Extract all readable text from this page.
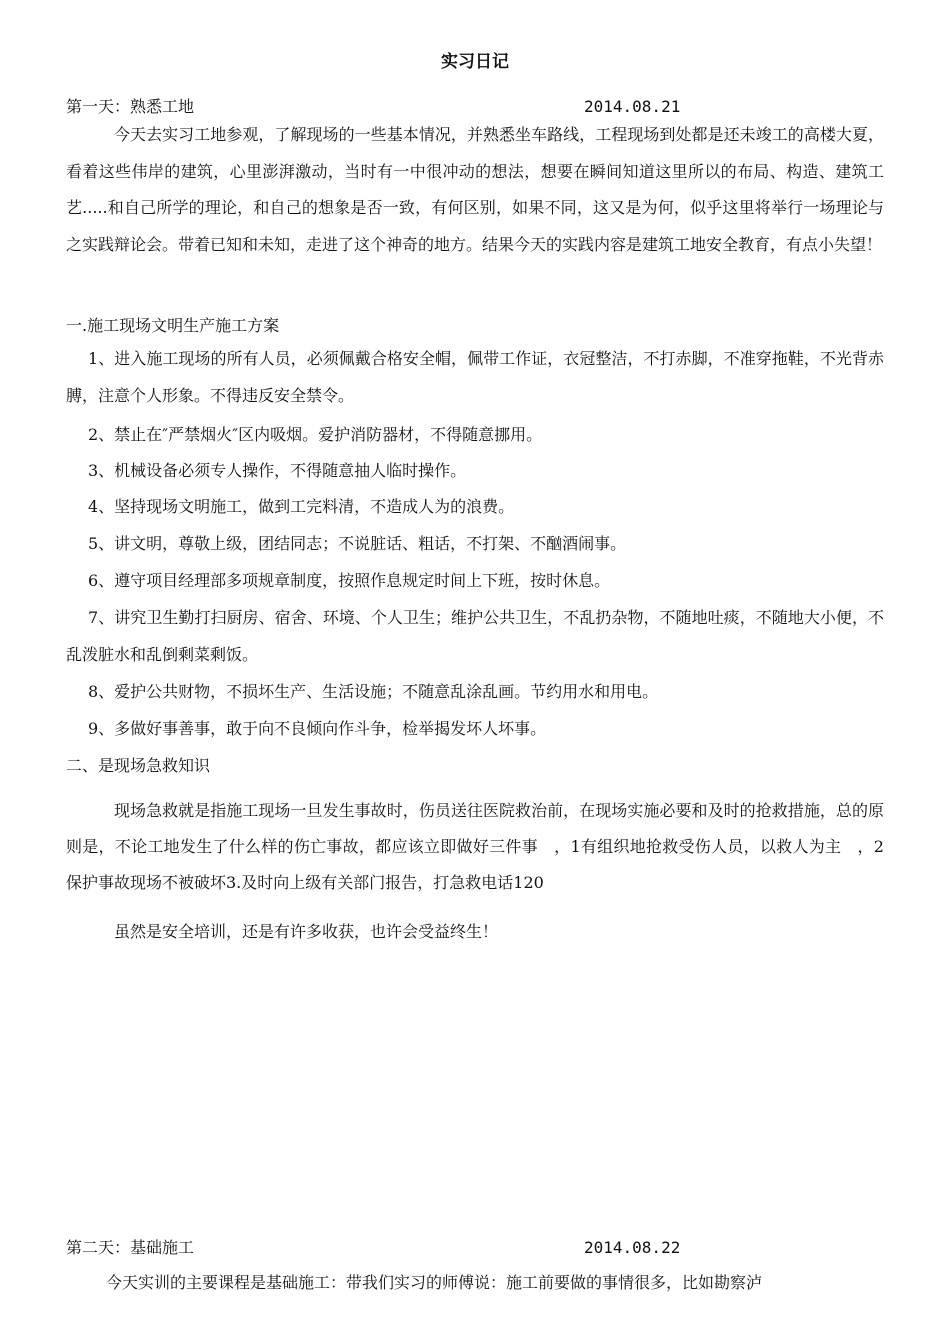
实习日记
第一天：熟悉工地	2014.08.21
今天去实习工地参观，了解现场的一些基本情况，并熟悉坐车路线，工程现场到处都是还未竣工的高楼大夏，看着这些伟岸的建筑，心里澎湃激动，当时有一中很冲动的想法，想要在瞬间知道这里所以的布局、构造、建筑工艺.....和自己所学的理论，和自己的想象是否一致，有何区别，如果不同，这又是为何，似乎这里将举行一场理论与之实践辩论会。带着已知和未知，走进了这个神奇的地方。结果今天的实践内容是建筑工地安全教育，有点小失望！
一.施工现场文明生产施工方案
1、进入施工现场的所有人员，必须佩戴合格安全帽，佩带工作证，衣冠整洁，不打赤脚，不准穿拖鞋，不光背赤膊，注意个人形象。不得违反安全禁令。
2、禁止在″严禁烟火″区内吸烟。爱护消防器材，不得随意挪用。
3、机械设备必须专人操作，不得随意抽人临时操作。
4、坚持现场文明施工，做到工完料清，不造成人为的浪费。
5、讲文明，尊敬上级，团结同志；不说脏话、粗话，不打架、不酗酒闹事。
6、遵守项目经理部多项规章制度，按照作息规定时间上下班，按时休息。
7、讲究卫生勤打扫厨房、宿舍、环境、个人卫生；维护公共卫生，不乱扔杂物，不随地吐痰，不随地大小便，不乱泼脏水和乱倒剩菜剩饭。
8、爱护公共财物，不损坏生产、生活设施；不随意乱涂乱画。节约用水和用电。
9、多做好事善事，敢于向不良倾向作斗争，检举揭发坏人坏事。
二、是现场急救知识
现场急救就是指施工现场一旦发生事故时，伤员送往医院救治前，在现场实施必要和及时的抢救措施，总的原则是，不论工地发生了什么样的伤亡事故，都应该立即做好三件事　，1有组织地抢救受伤人员，以救人为主　，2保护事故现场不被破坏3.及时向上级有关部门报告，打急救电话120
虽然是安全培训，还是有许多收获，也许会受益终生！
第二天：基础施工	2014.08.22
今天实训的主要课程是基础施工：带我们实习的师傅说：施工前要做的事情很多，比如勘察泸
